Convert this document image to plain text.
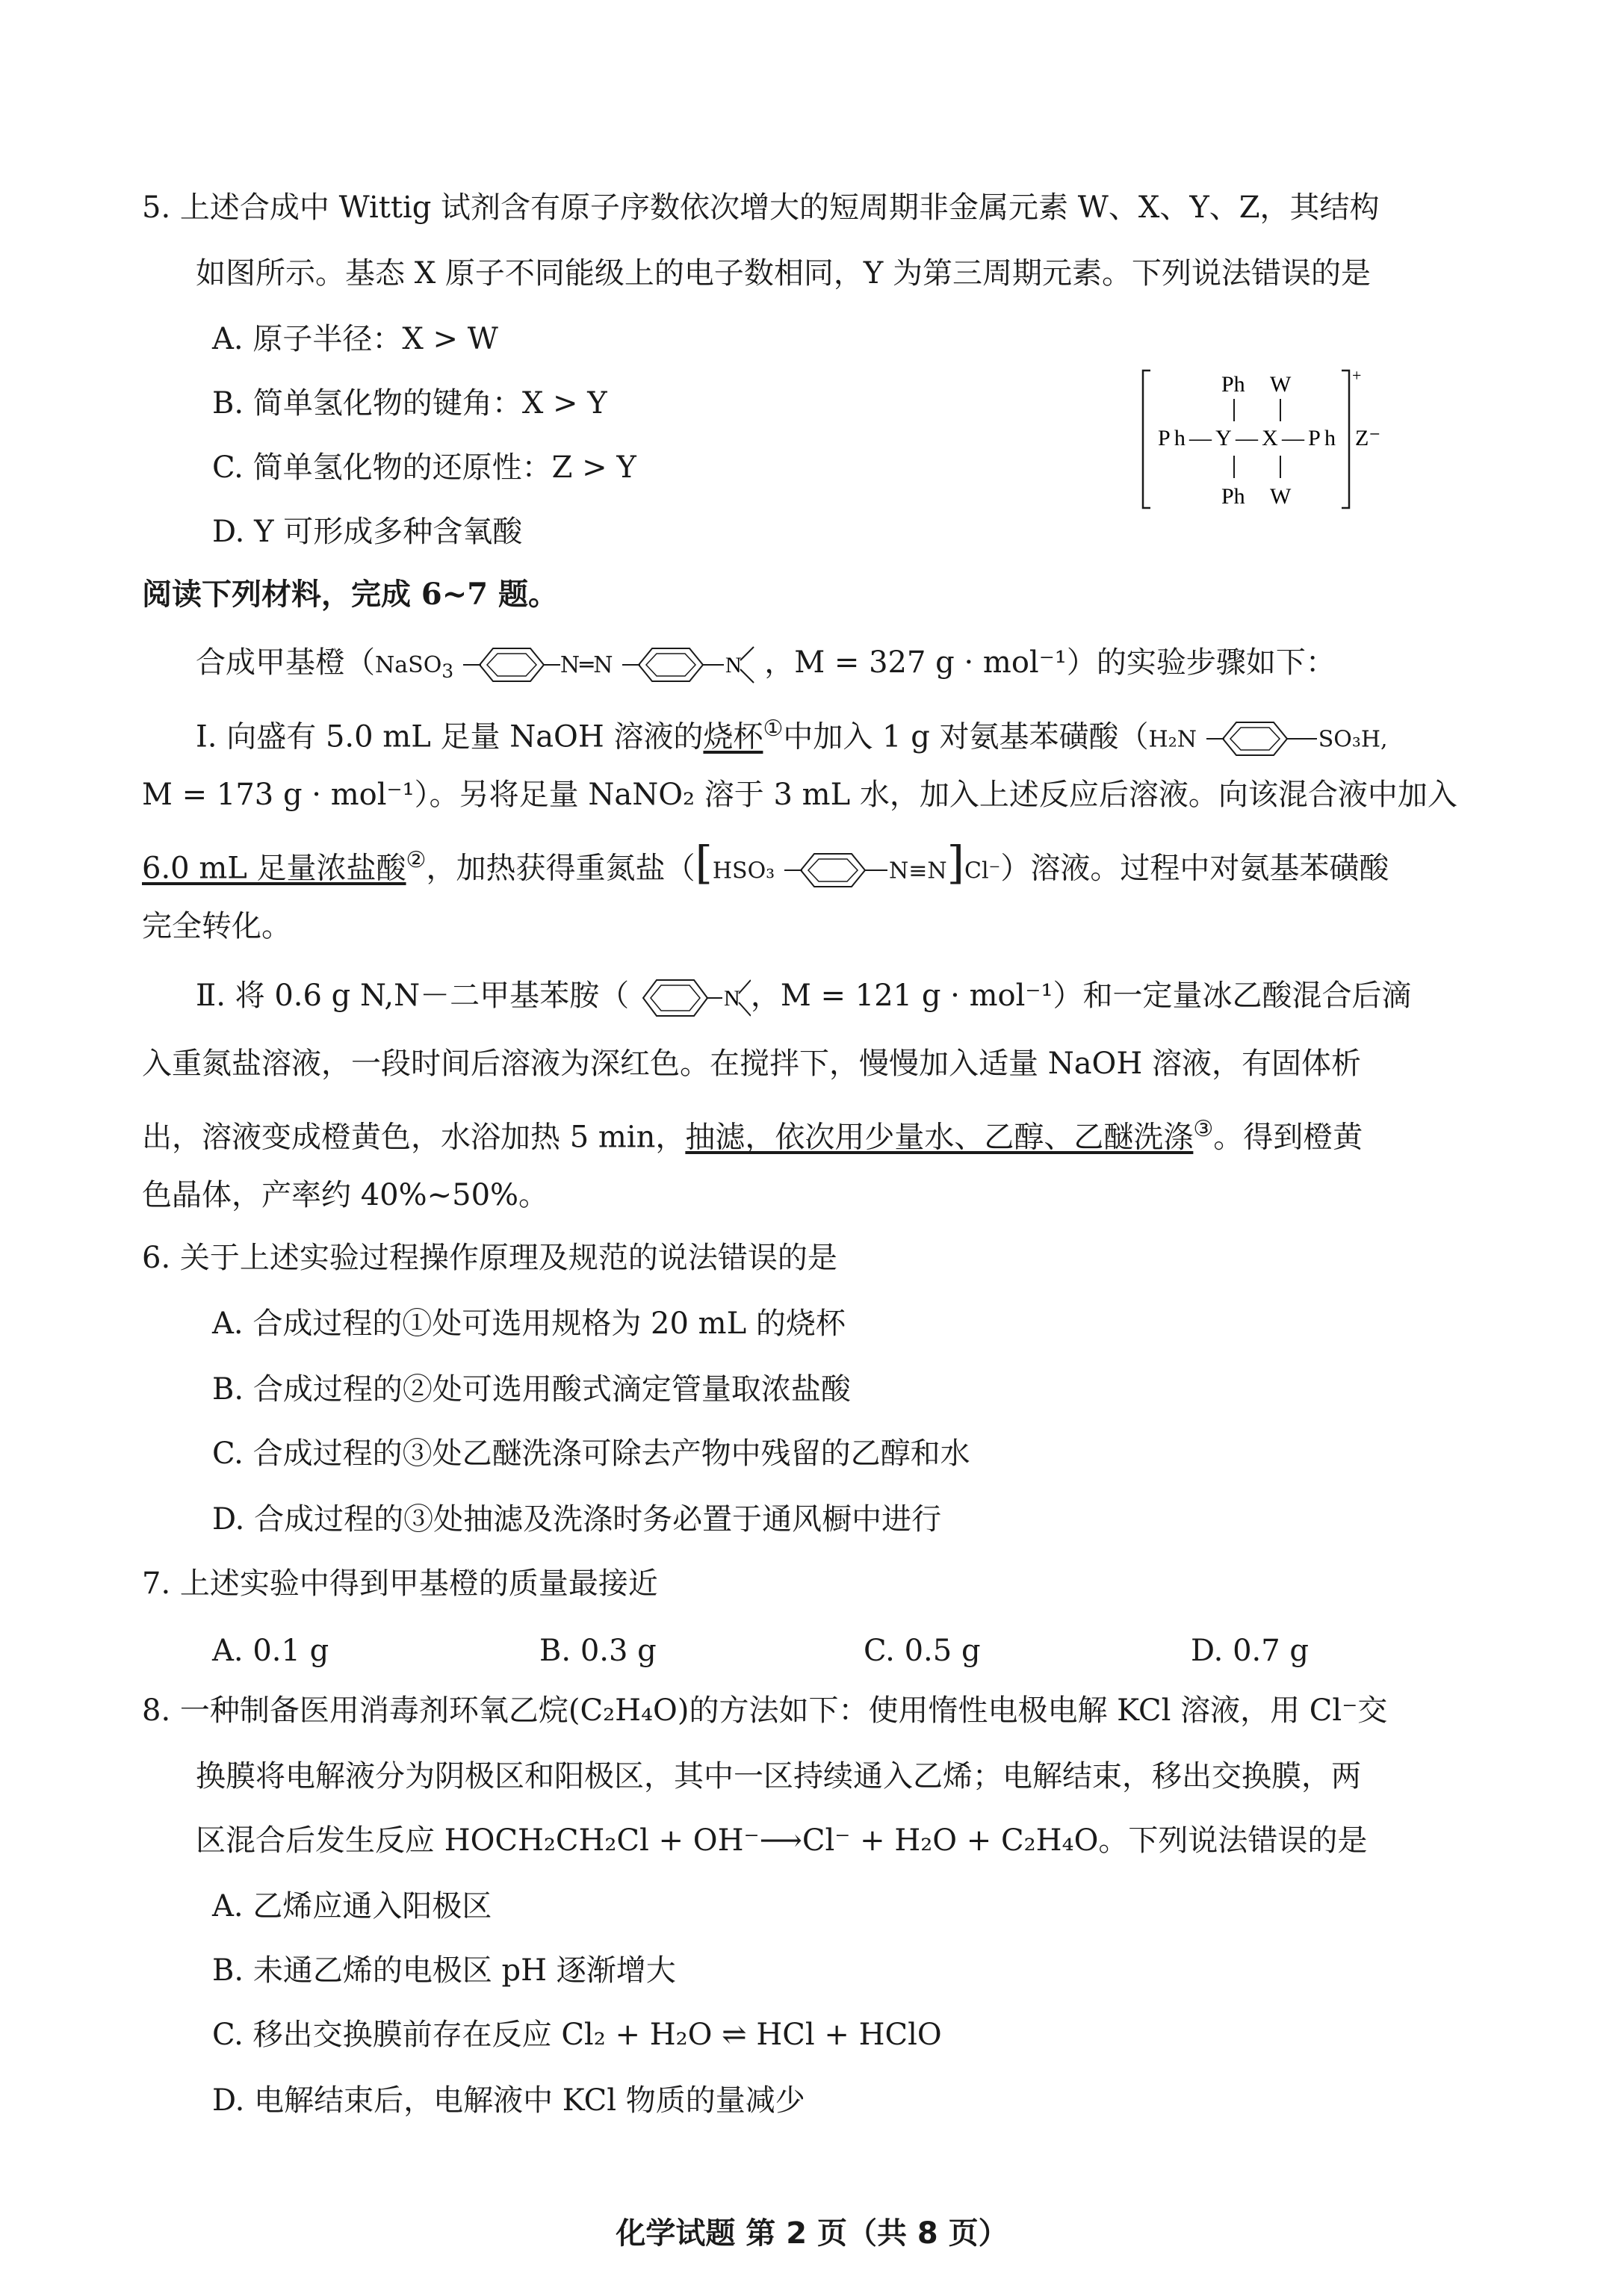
5. 上述合成中 Wittig 试剂含有原子序数依次增大的短周期非金属元素 W、X、Y、Z，其结构
如图所示。基态 X 原子不同能级上的电子数相同，Y 为第三周期元素。下列说法错误的是
A. 原子半径：X > W
B. 简单氢化物的键角：X > Y
C. 简单氢化物的还原性：Z > Y
D. Y 可形成多种含氧酸
Ph W
Ph—Y—X—Ph
Ph W
+
Z⁻
阅读下列材料，完成 6~7 题。
合成甲基橙（NaSO$_3$	N═N	N ，M = 327 g · mol⁻¹）的实验步骤如下：
Ⅰ. 向盛有 5.0 mL 足量 NaOH 溶液的烧杯①中加入 1 g 对氨基苯磺酸（H₂N	SO₃H,
M = 173 g · mol⁻¹）。另将足量 NaNO₂ 溶于 3 mL 水，加入上述反应后溶液。向该混合液中加入
6.0 mL 足量浓盐酸②，加热获得重氮盐（[HSO₃	N≡N]Cl⁻）溶液。过程中对氨基苯磺酸
完全转化。
Ⅱ. 将 0.6 g N,N－二甲基苯胺（	N ，M = 121 g · mol⁻¹）和一定量冰乙酸混合后滴
入重氮盐溶液，一段时间后溶液为深红色。在搅拌下，慢慢加入适量 NaOH 溶液，有固体析
出，溶液变成橙黄色，水浴加热 5 min，抽滤，依次用少量水、乙醇、乙醚洗涤③。得到橙黄
色晶体，产率约 40%~50%。
6. 关于上述实验过程操作原理及规范的说法错误的是
A. 合成过程的①处可选用规格为 20 mL 的烧杯
B. 合成过程的②处可选用酸式滴定管量取浓盐酸
C. 合成过程的③处乙醚洗涤可除去产物中残留的乙醇和水
D. 合成过程的③处抽滤及洗涤时务必置于通风橱中进行
7. 上述实验中得到甲基橙的质量最接近
A. 0.1 g	B. 0.3 g	C. 0.5 g	D. 0.7 g
8. 一种制备医用消毒剂环氧乙烷(C₂H₄O)的方法如下：使用惰性电极电解 KCl 溶液，用 Cl⁻交
换膜将电解液分为阴极区和阳极区，其中一区持续通入乙烯；电解结束，移出交换膜，两
区混合后发生反应 HOCH₂CH₂Cl + OH⁻⟶Cl⁻ + H₂O + C₂H₄O。下列说法错误的是
A. 乙烯应通入阳极区
B. 未通乙烯的电极区 pH 逐渐增大
C. 移出交换膜前存在反应 Cl₂ + H₂O ⇌ HCl + HClO
D. 电解结束后，电解液中 KCl 物质的量减少
化学试题 第 2 页（共 8 页）
